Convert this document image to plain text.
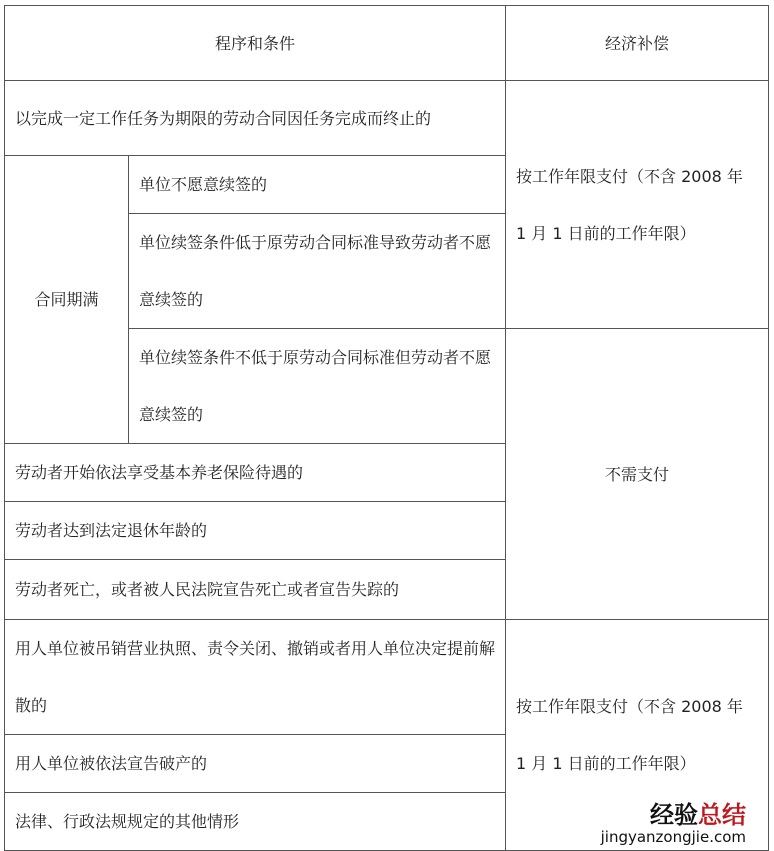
程序和条件		经济补偿
以完成一定工作任务为期限的劳动合同因任务完成而终止的		按工作年限支付（不含 2008 年 1 月 1 日前的工作年限）
合同期满	单位不愿意续签的	
	单位续签条件低于原劳动合同标准导致劳动者不愿意续签的	
	单位续签条件不低于原劳动合同标准但劳动者不愿意续签的	不需支付
劳动者开始依法享受基本养老保险待遇的		
劳动者达到法定退休年龄的		
劳动者死亡，或者被人民法院宣告死亡或者宣告失踪的		
用人单位被吊销营业执照、责令关闭、撤销或者用人单位决定提前解散的		按工作年限支付（不含 2008 年 1 月 1 日前的工作年限）
用人单位被依法宣告破产的		
法律、行政法规规定的其他情形			经验总结
jingyanzongjie.com
